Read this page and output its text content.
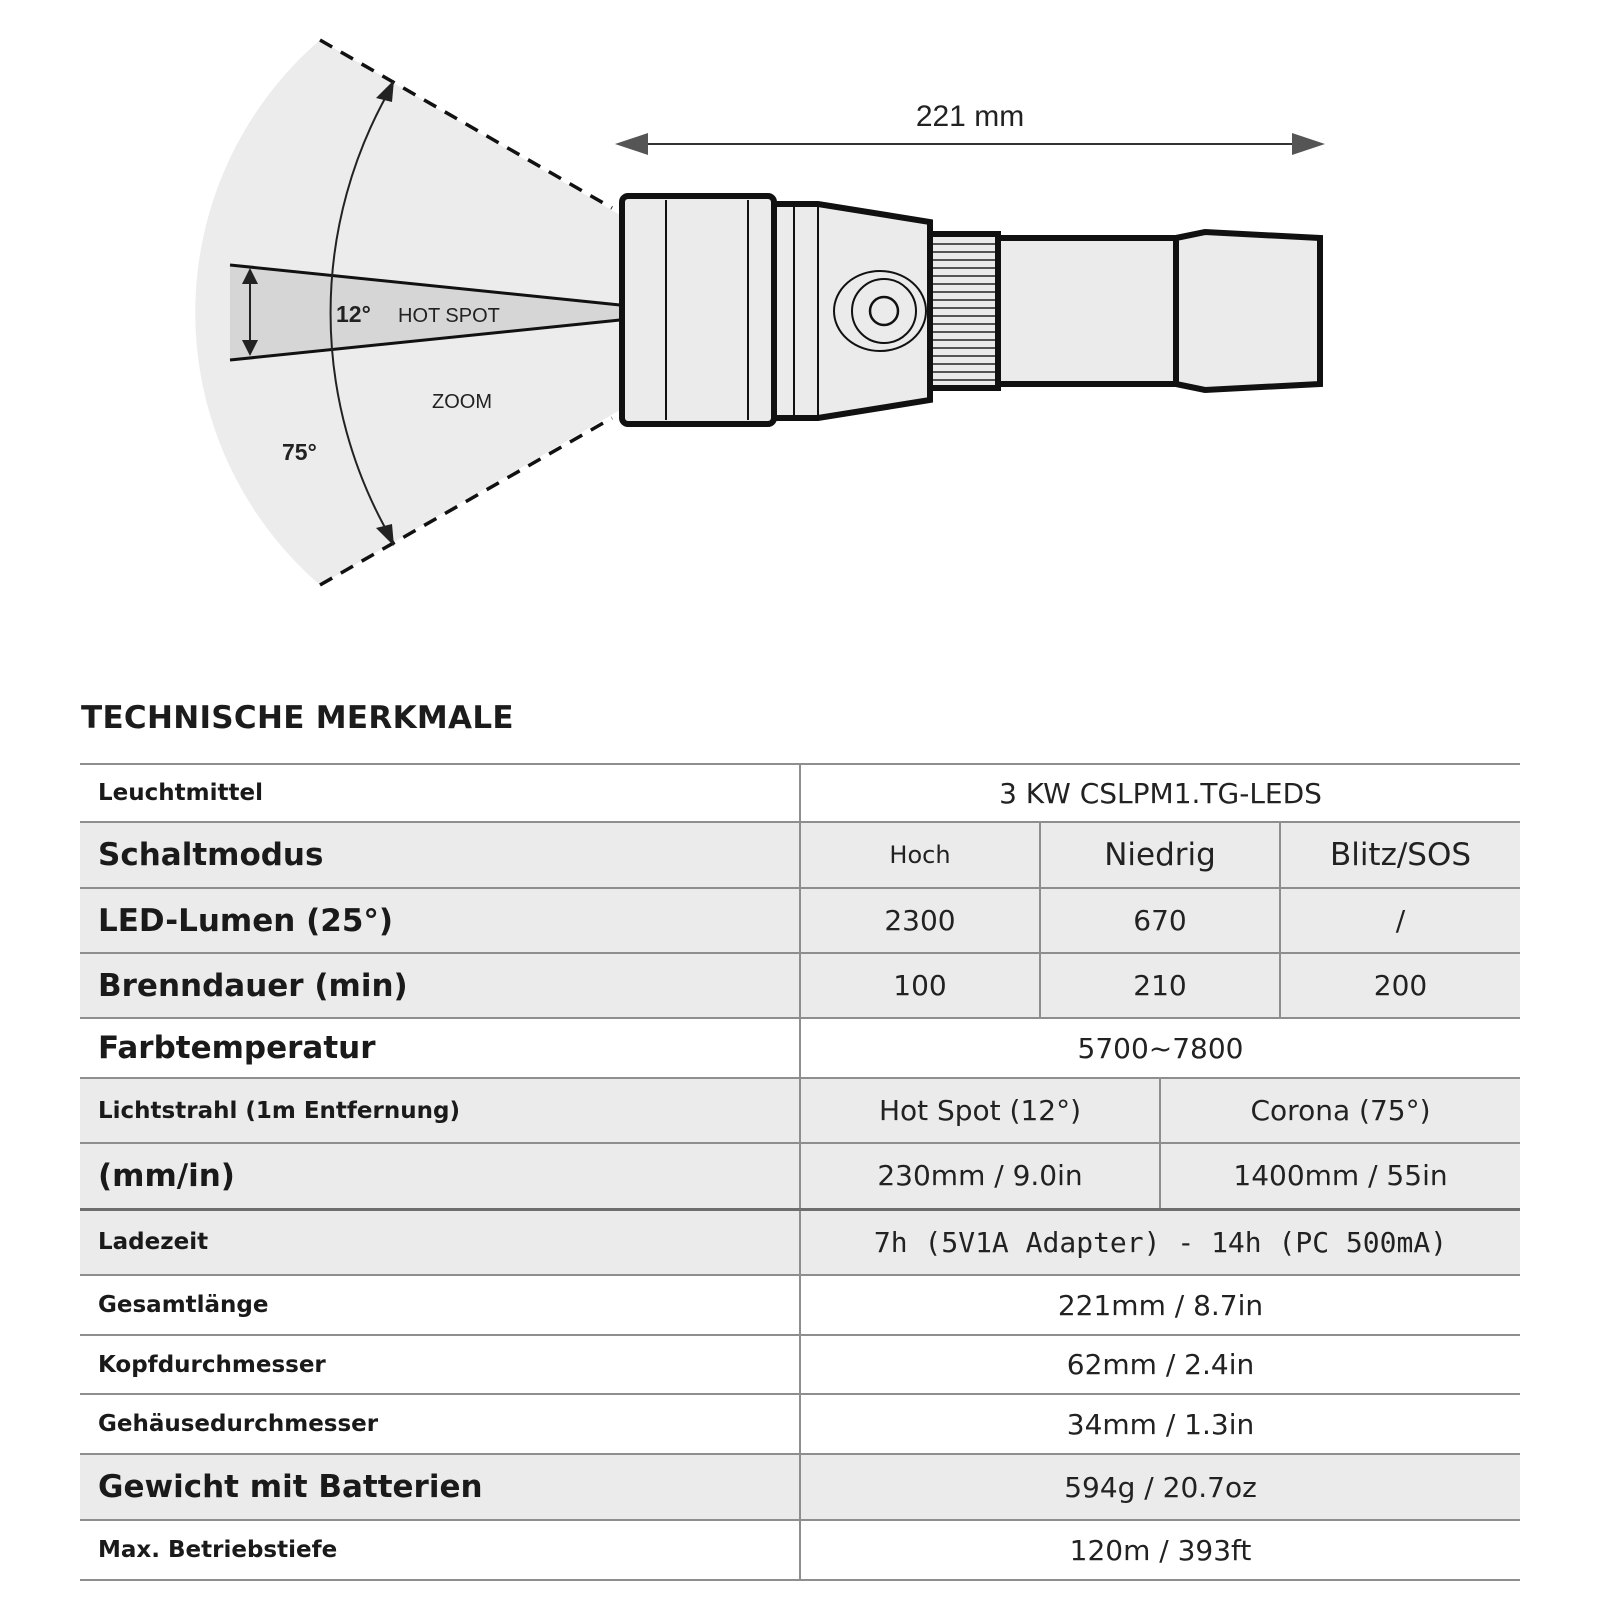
221 mm
12° HOT SPOT
ZOOM
75°
TECHNISCHE MERKMALE
Leuchtmittel	3 KW CSLPM1.TG-LEDS			
Schaltmodus	Hoch	Niedrig		Blitz/SOS
LED-Lumen (25°)	2300	670		/
Brenndauer (min)	100	210		200
Farbtemperatur	5700~7800			
Lichtstrahl (1m Entfernung)	Hot Spot (12°)		Corona (75°)	
(mm/in)	230mm / 9.0in		1400mm / 55in	
Ladezeit	7h (5V1A Adapter) - 14h (PC 500mA)			
Gesamtlänge	221mm / 8.7in			
Kopfdurchmesser	62mm / 2.4in			
Gehäusedurchmesser	34mm / 1.3in			
Gewicht mit Batterien	594g / 20.7oz			
Max. Betriebstiefe	120m / 393ft			
